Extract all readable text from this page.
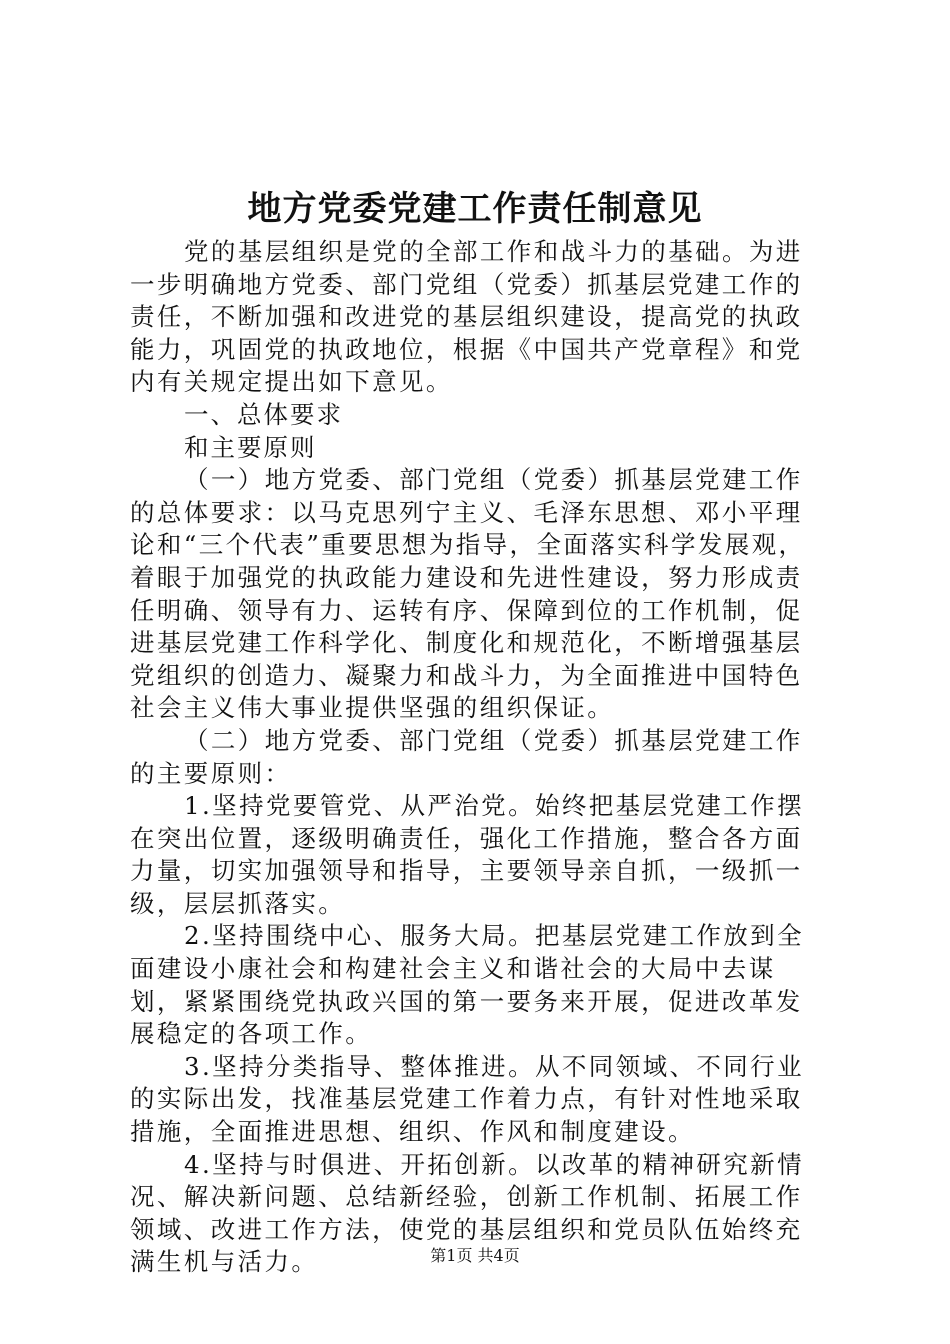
地方党委党建工作责任制意见

党的基层组织是党的全部工作和战斗力的基础。为进一步明确地方党委、部门党组（党委）抓基层党建工作的责任，不断加强和改进党的基层组织建设，提高党的执政能力，巩固党的执政地位，根据《中国共产党章程》和党内有关规定提出如下意见。

一、总体要求

和主要原则

（一）地方党委、部门党组（党委）抓基层党建工作的总体要求：以马克思列宁主义、毛泽东思想、邓小平理论和“三个代表”重要思想为指导，全面落实科学发展观，着眼于加强党的执政能力建设和先进性建设，努力形成责任明确、领导有力、运转有序、保障到位的工作机制，促进基层党建工作科学化、制度化和规范化，不断增强基层党组织的创造力、凝聚力和战斗力，为全面推进中国特色社会主义伟大事业提供坚强的组织保证。

（二）地方党委、部门党组（党委）抓基层党建工作的主要原则：

1.坚持党要管党、从严治党。始终把基层党建工作摆在突出位置，逐级明确责任，强化工作措施，整合各方面力量，切实加强领导和指导，主要领导亲自抓，一级抓一级，层层抓落实。

2.坚持围绕中心、服务大局。把基层党建工作放到全面建设小康社会和构建社会主义和谐社会的大局中去谋划，紧紧围绕党执政兴国的第一要务来开展，促进改革发展稳定的各项工作。

3.坚持分类指导、整体推进。从不同领域、不同行业的实际出发，找准基层党建工作着力点，有针对性地采取措施，全面推进思想、组织、作风和制度建设。

4.坚持与时俱进、开拓创新。以改革的精神研究新情况、解决新问题、总结新经验，创新工作机制、拓展工作领域、改进工作方法，使党的基层组织和党员队伍始终充满生机与活力。	第1页 共4页
